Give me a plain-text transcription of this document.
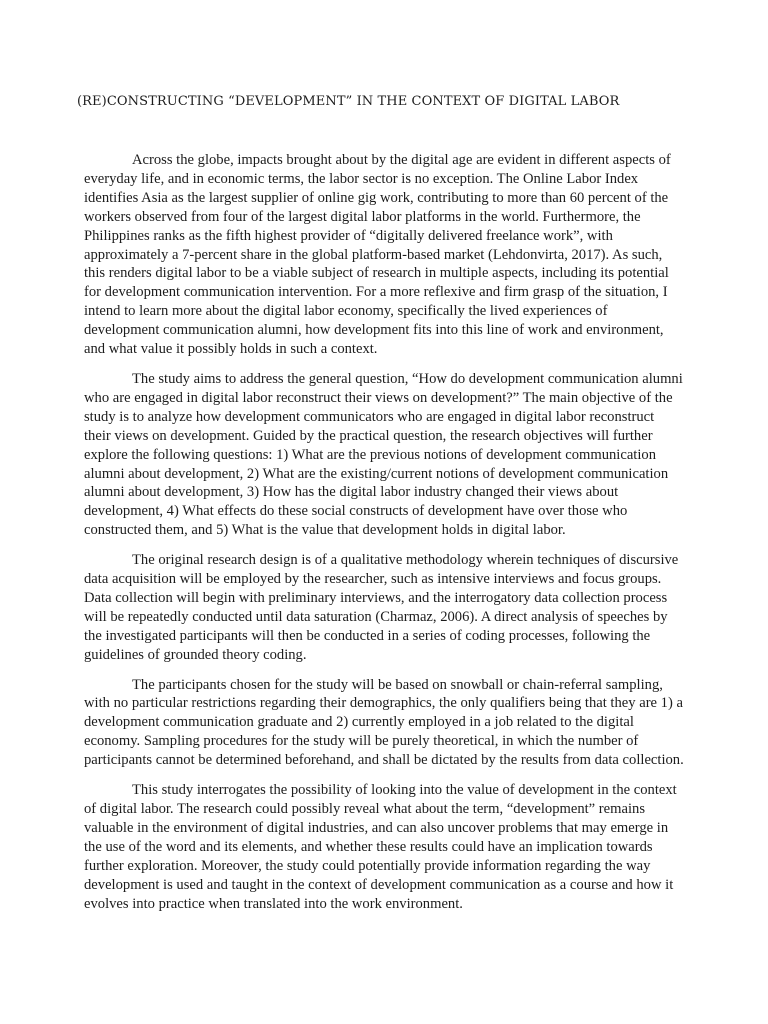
(RE)CONSTRUCTING “DEVELOPMENT” IN THE CONTEXT OF DIGITAL LABOR

Across the globe, impacts brought about by the digital age are evident in different aspects of everyday life, and in economic terms, the labor sector is no exception. The Online Labor Index identifies Asia as the largest supplier of online gig work, contributing to more than 60 percent of the workers observed from four of the largest digital labor platforms in the world. Furthermore, the Philippines ranks as the fifth highest provider of “digitally delivered freelance work”, with approximately a 7-percent share in the global platform-based market (Lehdonvirta, 2017). As such, this renders digital labor to be a viable subject of research in multiple aspects, including its potential for development communication intervention. For a more reflexive and firm grasp of the situation, I intend to learn more about the digital labor economy, specifically the lived experiences of development communication alumni, how development fits into this line of work and environment, and what value it possibly holds in such a context.

The study aims to address the general question, “How do development communication alumni who are engaged in digital labor reconstruct their views on development?” The main objective of the study is to analyze how development communicators who are engaged in digital labor reconstruct their views on development. Guided by the practical question, the research objectives will further explore the following questions: 1) What are the previous notions of development communication alumni about development, 2) What are the existing/current notions of development communication alumni about development, 3) How has the digital labor industry changed their views about development, 4) What effects do these social constructs of development have over those who constructed them, and 5) What is the value that development holds in digital labor.

The original research design is of a qualitative methodology wherein techniques of discursive data acquisition will be employed by the researcher, such as intensive interviews and focus groups. Data collection will begin with preliminary interviews, and the interrogatory data collection process will be repeatedly conducted until data saturation (Charmaz, 2006). A direct analysis of speeches by the investigated participants will then be conducted in a series of coding processes, following the guidelines of grounded theory coding.

The participants chosen for the study will be based on snowball or chain-referral sampling, with no particular restrictions regarding their demographics, the only qualifiers being that they are 1) a development communication graduate and 2) currently employed in a job related to the digital economy. Sampling procedures for the study will be purely theoretical, in which the number of participants cannot be determined beforehand, and shall be dictated by the results from data collection.

This study interrogates the possibility of looking into the value of development in the context of digital labor. The research could possibly reveal what about the term, “development” remains valuable in the environment of digital industries, and can also uncover problems that may emerge in the use of the word and its elements, and whether these results could have an implication towards further exploration. Moreover, the study could potentially provide information regarding the way development is used and taught in the context of development communication as a course and how it evolves into practice when translated into the work environment.
